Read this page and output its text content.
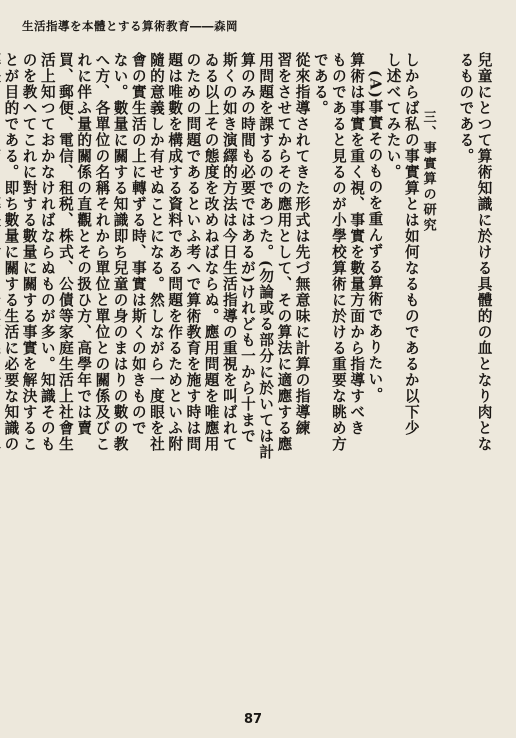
生活指導を本體とする算術教育――森岡
兒童にとつて算術知識に於ける具體的の血となり肉とな
るものである。
三、事實算の研究
しからば私の事實算とは如何なるものであるか以下少
し述べてみたい。
(A)事實そのものを重んずる算術でありたい。
算術は事實を重く視、事實を數量方面から指導すべき
ものであると見るのが小學校算術に於ける重要な眺め方
である。
從來指導されてきた形式は先づ無意味に計算の指導練
習をさせてからその應用として、その算法に適應する應
用問題を課するのであつた。(勿論或る部分に於いては計
算のみの時間も必要ではあるが)けれども一から十まで
斯くの如き演繹的方法は今日生活指導の重視を叫ばれて
ゐる以上その態度を改めねばならぬ。應用問題を唯應用
のための問題であるといふ考へで算術教育を施す時は問
題は唯數を構成する資料である問題を作るためといふ附
隨的意義しか有せぬことになる。然しながら一度眼を社
會の實生活の上に轉ずる時、事實は斯くの如きもので
ない。數量に關する知識即ち兒童の身のまはりの數の教
へ方、各單位の名稱それから單位と單位との關係及びこ
れに伴ふ量的關係の直觀とその扱ひ方、高學年では賣
買、郵便、電信、租税、株式、公債等家庭生活上社會生
活上知つておかなければならぬものが多い。知識そのも
のを教へてこれに對する數量に關する事實を解決するこ
とが目的である。即ち數量に關する生活に必要な知識の
87
